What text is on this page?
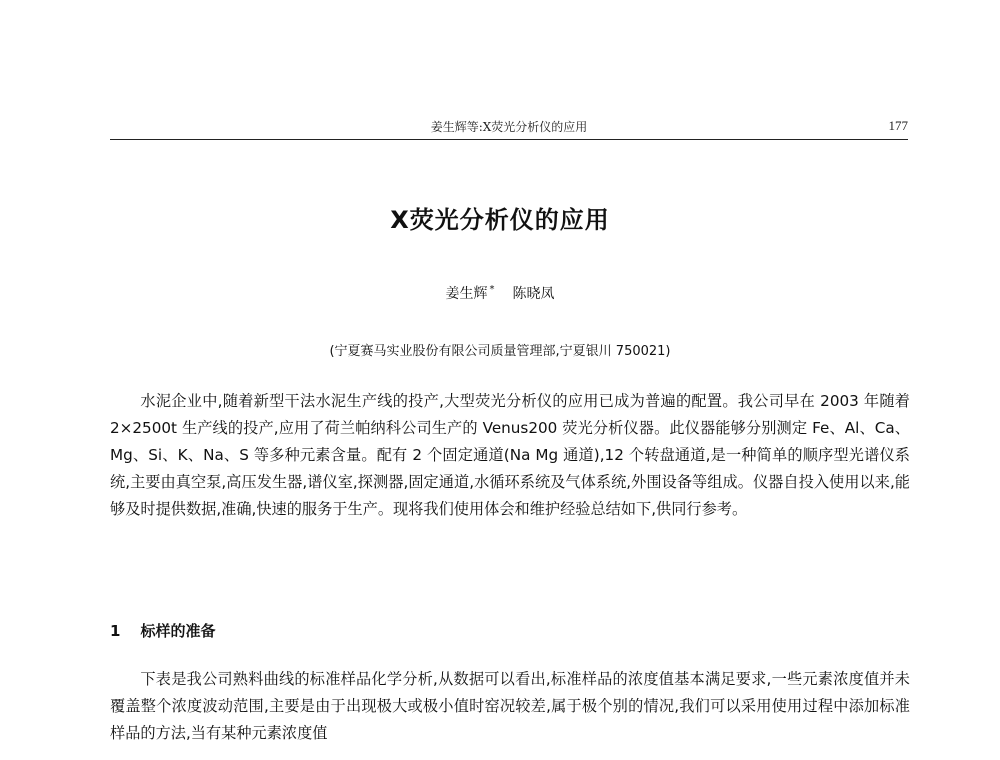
姜生辉等:X荧光分析仪的应用	177
X荧光分析仪的应用
姜生辉 * 陈晓凤
(宁夏赛马实业股份有限公司质量管理部,宁夏银川 750021)
水泥企业中,随着新型干法水泥生产线的投产,大型荧光分析仪的应用已成为普遍的配置。我公司早在 2003 年随着 2×2500t 生产线的投产,应用了荷兰帕纳科公司生产的 Venus200 荧光分析仪器。此仪器能够分别测定 Fe、Al、Ca、Mg、Si、K、Na、S 等多种元素含量。配有 2 个固定通道(Na Mg 通道),12 个转盘通道,是一种简单的顺序型光谱仪系统,主要由真空泵,高压发生器,谱仪室,探测器,固定通道,水循环系统及气体系统,外围设备等组成。仪器自投入使用以来,能够及时提供数据,准确,快速的服务于生产。现将我们使用体会和维护经验总结如下,供同行参考。
1 标样的准备
下表是我公司熟料曲线的标准样品化学分析,从数据可以看出,标准样品的浓度值基本满足要求,一些元素浓度值并未覆盖整个浓度波动范围,主要是由于出现极大或极小值时窑况较差,属于极个别的情况,我们可以采用使用过程中添加标准样品的方法,当有某种元素浓度值
